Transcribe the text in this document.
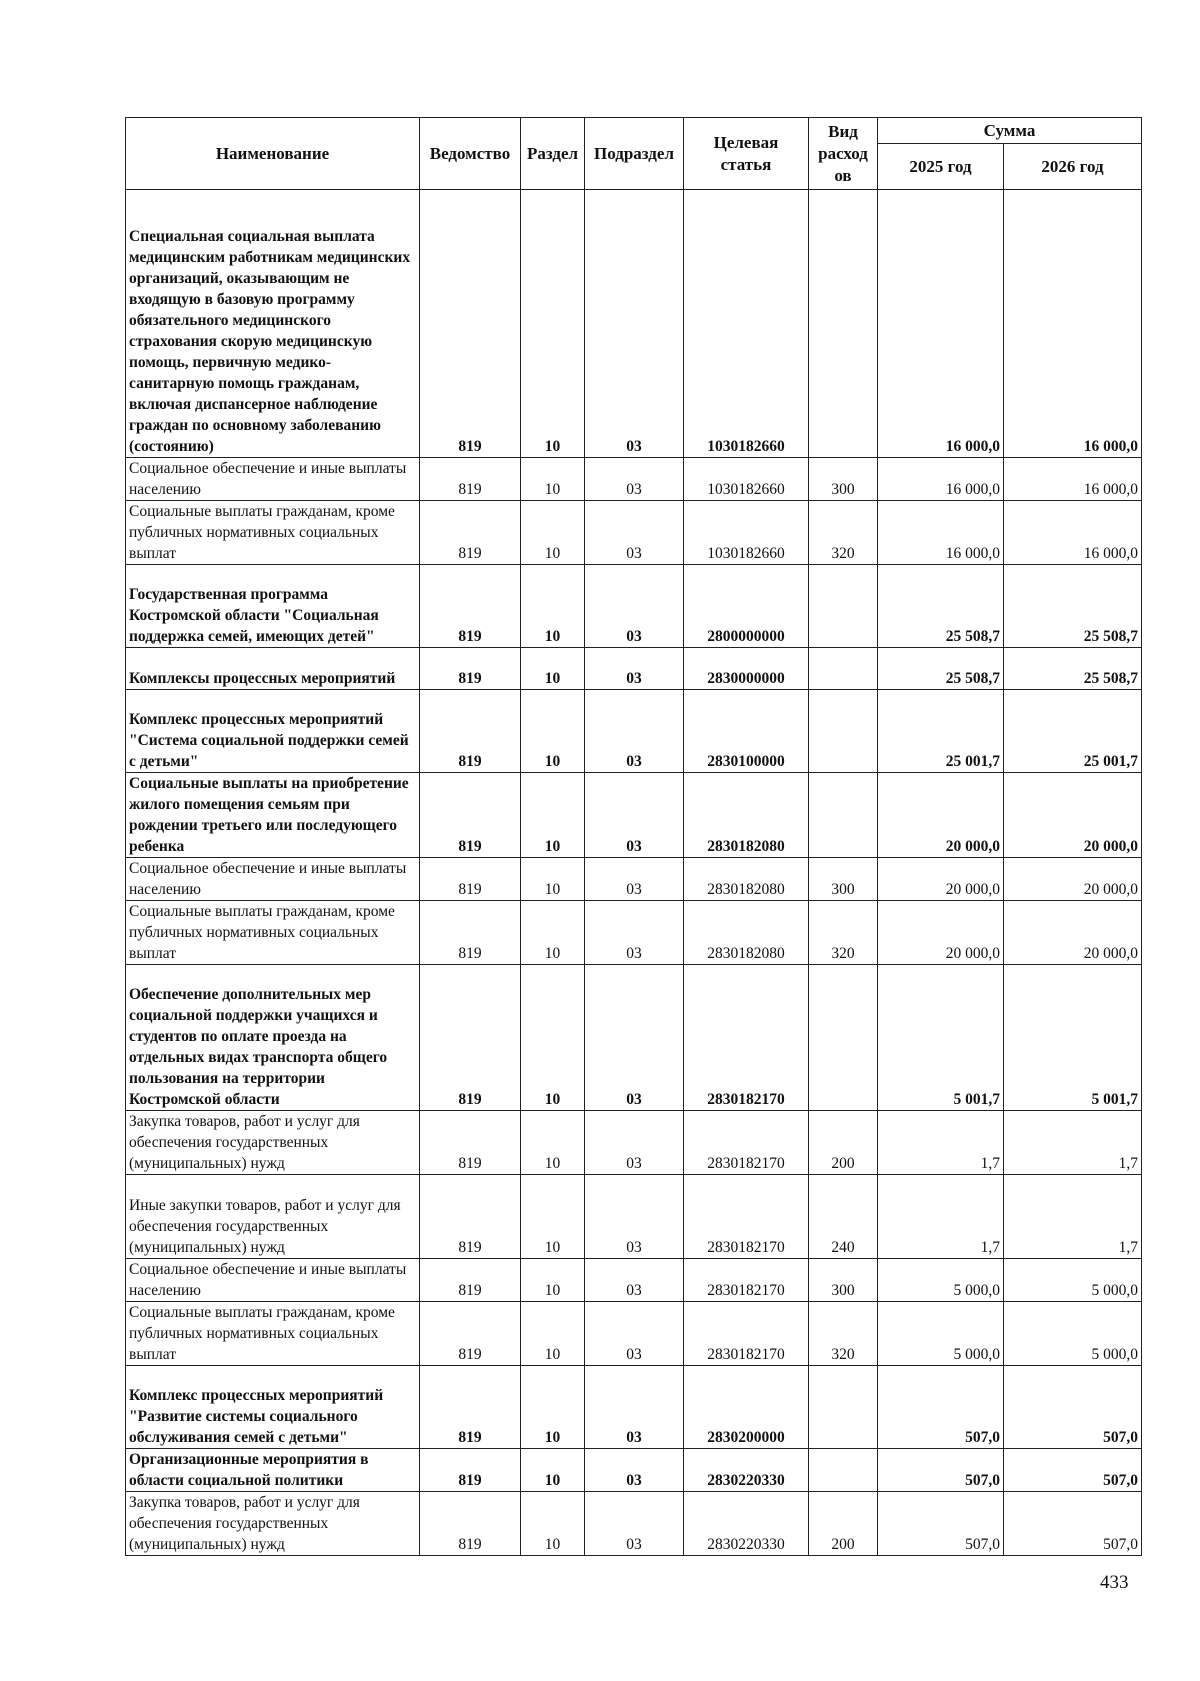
Наименование	Ведомство	Раздел	Подраздел	Целевая статья	Вид расход ов	Сумма	
						2025 год	2026 год
Специальная социальная выплата медицинским работникам медицинских организаций, оказывающим не входящую в базовую программу обязательного медицинского страхования скорую медицинскую помощь, первичную медико-санитарную помощь гражданам, включая диспансерное наблюдение граждан по основному заболеванию (состоянию)	819	10	03	1030182660		16 000,0	16 000,0
Социальное обеспечение и иные выплаты населению	819	10	03	1030182660	300	16 000,0	16 000,0
Социальные выплаты гражданам, кроме публичных нормативных социальных выплат	819	10	03	1030182660	320	16 000,0	16 000,0
Государственная программа Костромской области "Социальная поддержка семей, имеющих детей"	819	10	03	2800000000		25 508,7	25 508,7
Комплексы процессных мероприятий	819	10	03	2830000000		25 508,7	25 508,7
Комплекс процессных мероприятий "Система социальной поддержки семей с детьми"	819	10	03	2830100000		25 001,7	25 001,7
Социальные выплаты на приобретение жилого помещения семьям при рождении третьего или последующего ребенка	819	10	03	2830182080		20 000,0	20 000,0
Социальное обеспечение и иные выплаты населению	819	10	03	2830182080	300	20 000,0	20 000,0
Социальные выплаты гражданам, кроме публичных нормативных социальных выплат	819	10	03	2830182080	320	20 000,0	20 000,0
Обеспечение дополнительных мер социальной поддержки учащихся и студентов по оплате проезда на отдельных видах транспорта общего пользования на территории Костромской области	819	10	03	2830182170		5 001,7	5 001,7
Закупка товаров, работ и услуг для обеспечения государственных (муниципальных) нужд	819	10	03	2830182170	200	1,7	1,7
Иные закупки товаров, работ и услуг для обеспечения государственных (муниципальных) нужд	819	10	03	2830182170	240	1,7	1,7
Социальное обеспечение и иные выплаты населению	819	10	03	2830182170	300	5 000,0	5 000,0
Социальные выплаты гражданам, кроме публичных нормативных социальных выплат	819	10	03	2830182170	320	5 000,0	5 000,0
Комплекс процессных мероприятий "Развитие системы социального обслуживания семей с детьми"	819	10	03	2830200000		507,0	507,0
Организационные мероприятия в области социальной политики	819	10	03	2830220330		507,0	507,0
Закупка товаров, работ и услуг для обеспечения государственных (муниципальных) нужд	819	10	03	2830220330	200	507,0	507,0
433
